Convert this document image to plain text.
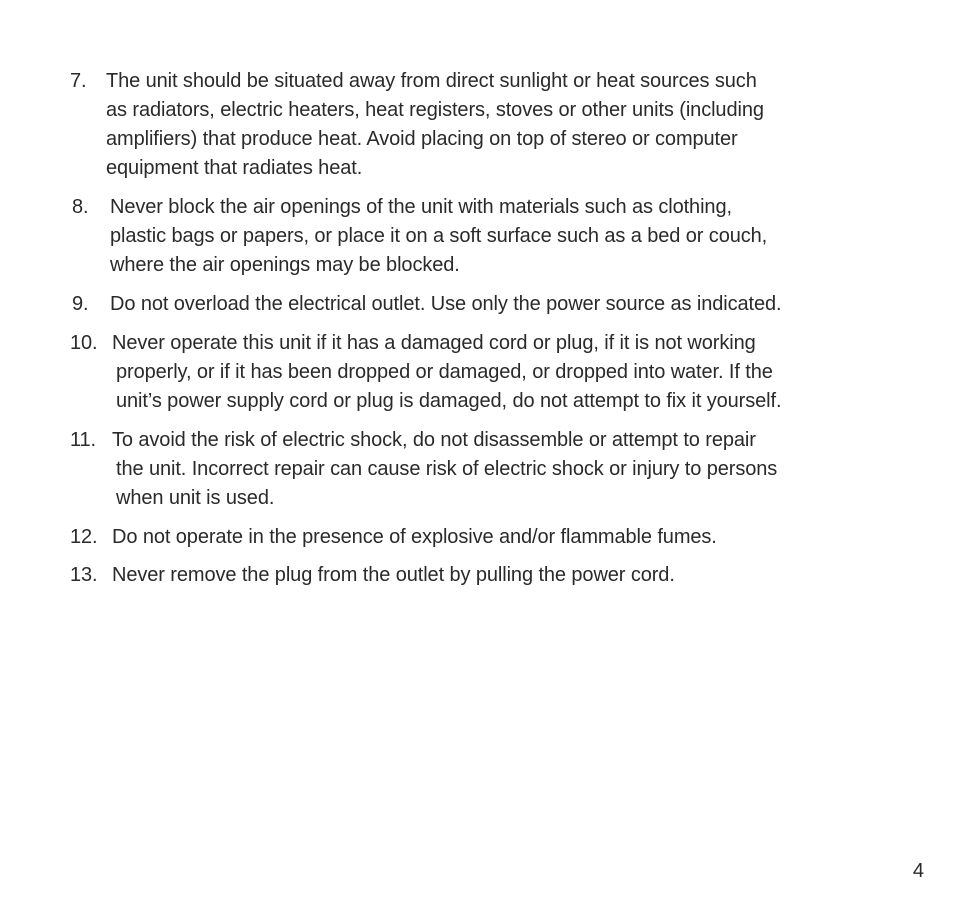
7. The unit should be situated away from direct sunlight or heat sources such
as radiators, electric heaters, heat registers, stoves or other units (including
amplifiers) that produce heat. Avoid placing on top of stereo or computer
equipment that radiates heat.
8. Never block the air openings of the unit with materials such as clothing,
plastic bags or papers, or place it on a soft surface such as a bed or couch,
where the air openings may be blocked.
9. Do not overload the electrical outlet. Use only the power source as indicated.
10. Never operate this unit if it has a damaged cord or plug, if it is not working
properly, or if it has been dropped or damaged, or dropped into water. If the
unit’s power supply cord or plug is damaged, do not attempt to fix it yourself.
11. To avoid the risk of electric shock, do not disassemble or attempt to repair
the unit. Incorrect repair can cause risk of electric shock or injury to persons
when unit is used.
12. Do not operate in the presence of explosive and/or flammable fumes.
13. Never remove the plug from the outlet by pulling the power cord.
4
